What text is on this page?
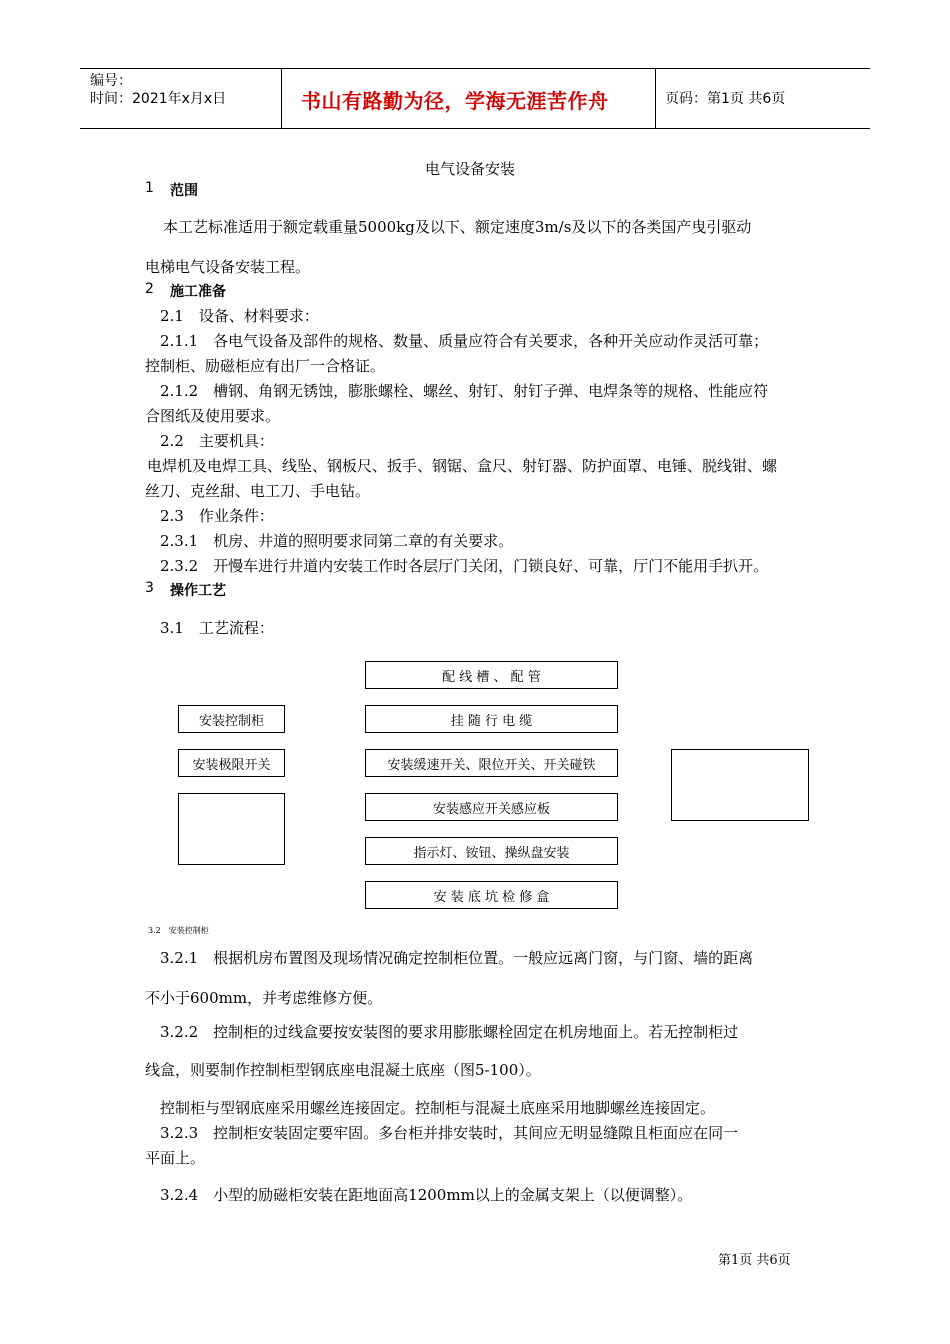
编号：
时间：2021年x月x日	书山有路勤为径，学海无涯苦作舟	页码：第1页 共6页
电气设备安装
1 范围
本工艺标准适用于额定载重量5000kg及以下、额定速度3m/s及以下的各类国产曳引驱动
电梯电气设备安装工程。
2 施工准备
2.1　设备、材料要求：
2.1.1　各电气设备及部件的规格、数量、质量应符合有关要求，各种开关应动作灵活可靠；
控制柜、励磁柜应有出厂一合格证。
2.1.2　槽钢、角钢无锈蚀，膨胀螺栓、螺丝、射钉、射钉子弹、电焊条等的规格、性能应符
合图纸及使用要求。
2.2　主要机具：
电焊机及电焊工具、线坠、钢板尺、扳手、钢锯、盒尺、射钉器、防护面罩、电锤、脱线钳、螺
丝刀、克丝甜、电工刀、手电钻。
2.3　作业条件：
2.3.1　机房、井道的照明要求同第二章的有关要求。
2.3.2　开慢车进行井道内安装工作时各层厅门关闭，门锁良好、可靠，厅门不能用手扒开。
3 操作工艺
3.1　工艺流程：
配 线 槽 、 配 管
挂 随 行 电 缆
安装缓速开关、限位开关、开关碰铁
安装感应开关感应板
指示灯、铵钮、操纵盘安装
安 装 底 坑 检 修 盒
安装控制柜
安装极限开关
3.2　安装控制柜
3.2.1　根据机房布置图及现场情况确定控制柜位置。一般应远离门窗，与门窗、墙的距离
不小于600mm，并考虑维修方便。
3.2.2　控制柜的过线盒要按安装图的要求用膨胀螺栓固定在机房地面上。若无控制柜过
线盒，则要制作控制柜型钢底座电混凝土底座（图5-100）。
控制柜与型钢底座采用螺丝连接固定。控制柜与混凝土底座采用地脚螺丝连接固定。
3.2.3　控制柜安装固定要牢固。多台柜并排安装时，其间应无明显缝隙且柜面应在同一
平面上。
3.2.4　小型的励磁柜安装在距地面高1200mm以上的金属支架上（以便调整）。
第1页 共6页
